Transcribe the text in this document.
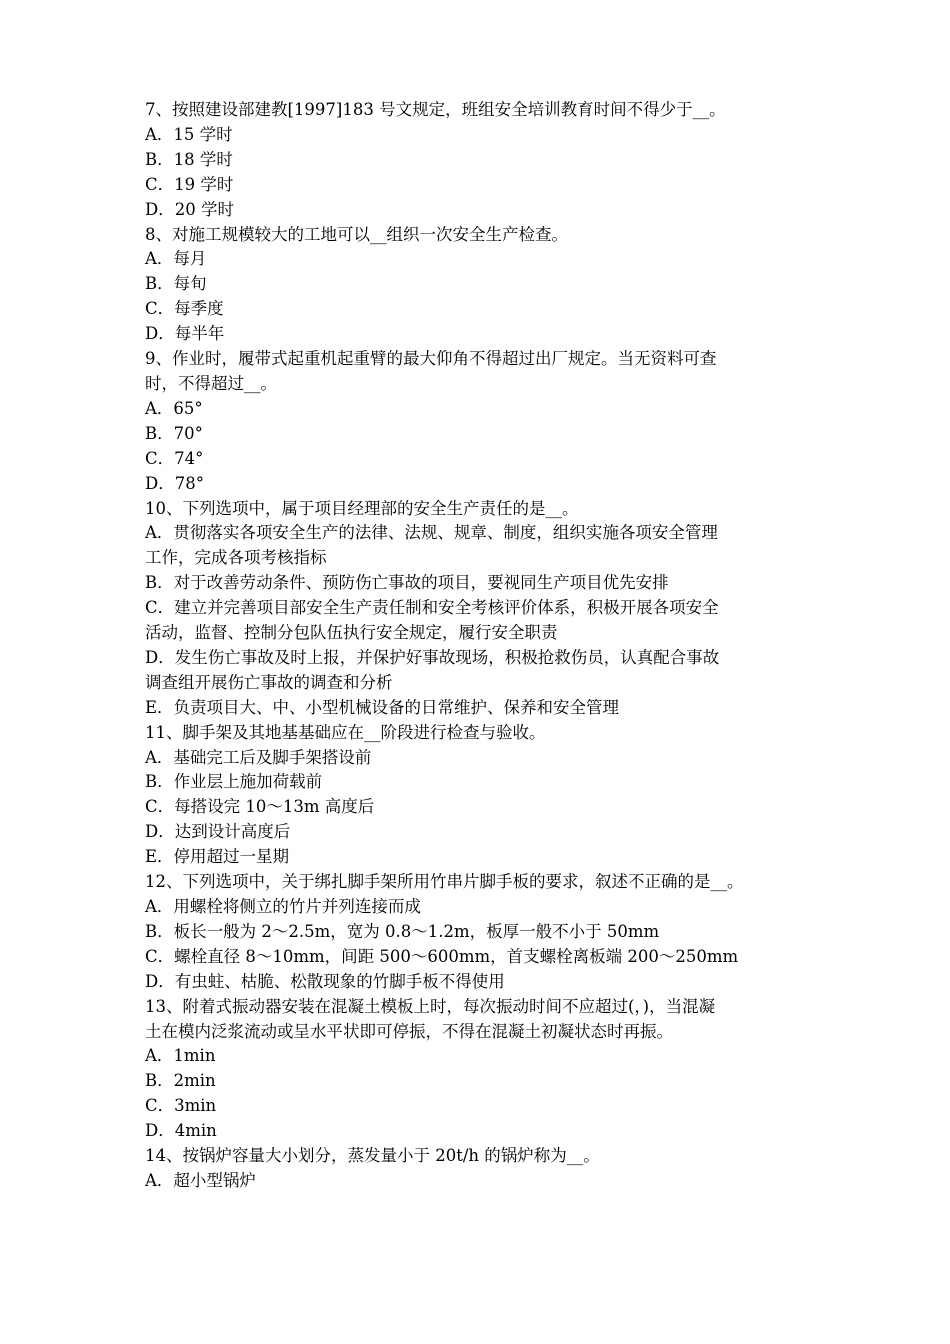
7、按照建设部建教[1997]183 号文规定，班组安全培训教育时间不得少于__。
A．15 学时
B．18 学时
C．19 学时
D．20 学时
8、对施工规模较大的工地可以__组织一次安全生产检查。
A．每月
B．每旬
C．每季度
D．每半年
9、作业时，履带式起重机起重臂的最大仰角不得超过出厂规定。当无资料可查
时，不得超过__。
A．65°
B．70°
C．74°
D．78°
10、下列选项中，属于项目经理部的安全生产责任的是__。
A．贯彻落实各项安全生产的法律、法规、规章、制度，组织实施各项安全管理
工作，完成各项考核指标
B．对于改善劳动条件、预防伤亡事故的项目，要视同生产项目优先安排
C．建立并完善项目部安全生产责任制和安全考核评价体系，积极开展各项安全
活动，监督、控制分包队伍执行安全规定，履行安全职责
D．发生伤亡事故及时上报，并保护好事故现场，积极抢救伤员，认真配合事故
调查组开展伤亡事故的调查和分析
E．负责项目大、中、小型机械设备的日常维护、保养和安全管理
11、脚手架及其地基基础应在__阶段进行检查与验收。
A．基础完工后及脚手架搭设前
B．作业层上施加荷载前
C．每搭设完 10～13m 高度后
D．达到设计高度后
E．停用超过一星期
12、下列选项中，关于绑扎脚手架所用竹串片脚手板的要求，叙述不正确的是__。
A．用螺栓将侧立的竹片并列连接而成
B．板长一般为 2～2.5m，宽为 0.8～1.2m，板厚一般不小于 50mm
C．螺栓直径 8～10mm，间距 500～600mm，首支螺栓离板端 200～250mm
D．有虫蛀、枯脆、松散现象的竹脚手板不得使用
13、附着式振动器安装在混凝土模板上时，每次振动时间不应超过(，)，当混凝
土在模内泛浆流动或呈水平状即可停振，不得在混凝土初凝状态时再振。
A．1min
B．2min
C．3min
D．4min
14、按锅炉容量大小划分，蒸发量小于 20t/h 的锅炉称为__。
A．超小型锅炉
